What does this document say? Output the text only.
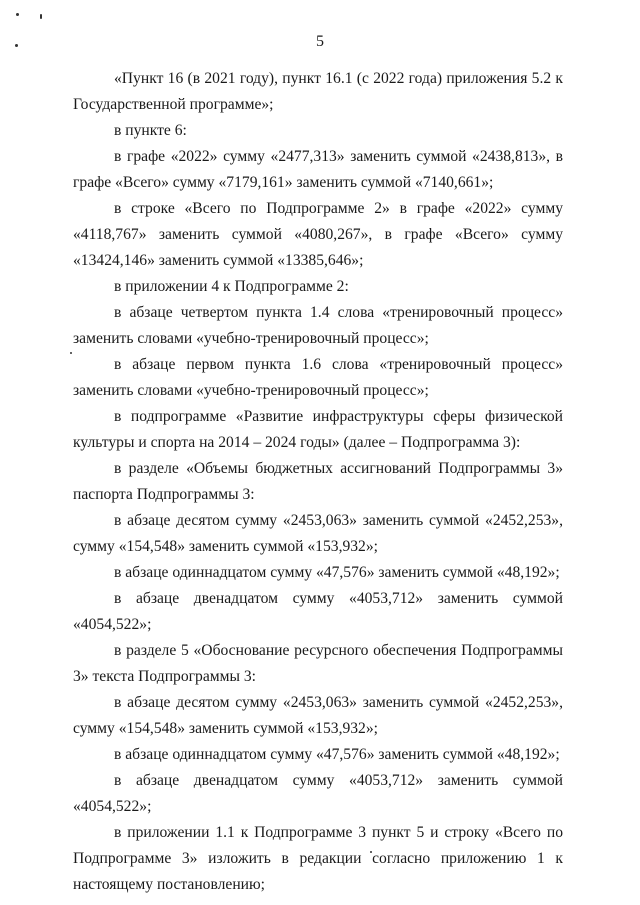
5

«Пункт 16 (в 2021 году), пункт 16.1 (с 2022 года) приложения 5.2 к Государственной программе»;

в пункте 6:

в графе «2022» сумму «2477,313» заменить суммой «2438,813», в графе «Всего» сумму «7179,161» заменить суммой «7140,661»;

в строке «Всего по Подпрограмме 2» в графе «2022» сумму «4118,767» заменить суммой «4080,267», в графе «Всего» сумму «13424,146» заменить суммой «13385,646»;

в приложении 4 к Подпрограмме 2:

в абзаце четвертом пункта 1.4 слова «тренировочный процесс» заменить словами «учебно-тренировочный процесс»;

в абзаце первом пункта 1.6 слова «тренировочный процесс» заменить словами «учебно-тренировочный процесс»;

в подпрограмме «Развитие инфраструктуры сферы физической культуры и спорта на 2014 – 2024 годы» (далее – Подпрограмма 3):

в разделе «Объемы бюджетных ассигнований Подпрограммы 3» паспорта Подпрограммы 3:

в абзаце десятом сумму «2453,063» заменить суммой «2452,253», сумму «154,548» заменить суммой «153,932»;

в абзаце одиннадцатом сумму «47,576» заменить суммой «48,192»;

в абзаце двенадцатом сумму «4053,712» заменить суммой «4054,522»;

в разделе 5 «Обоснование ресурсного обеспечения Подпрограммы 3» текста Подпрограммы 3:

в абзаце десятом сумму «2453,063» заменить суммой «2452,253», сумму «154,548» заменить суммой «153,932»;

в абзаце одиннадцатом сумму «47,576» заменить суммой «48,192»;

в абзаце двенадцатом сумму «4053,712» заменить суммой «4054,522»;

в приложении 1.1 к Подпрограмме 3 пункт 5 и строку «Всего по Подпрограмме 3» изложить в редакции согласно приложению 1 к настоящему постановлению;
